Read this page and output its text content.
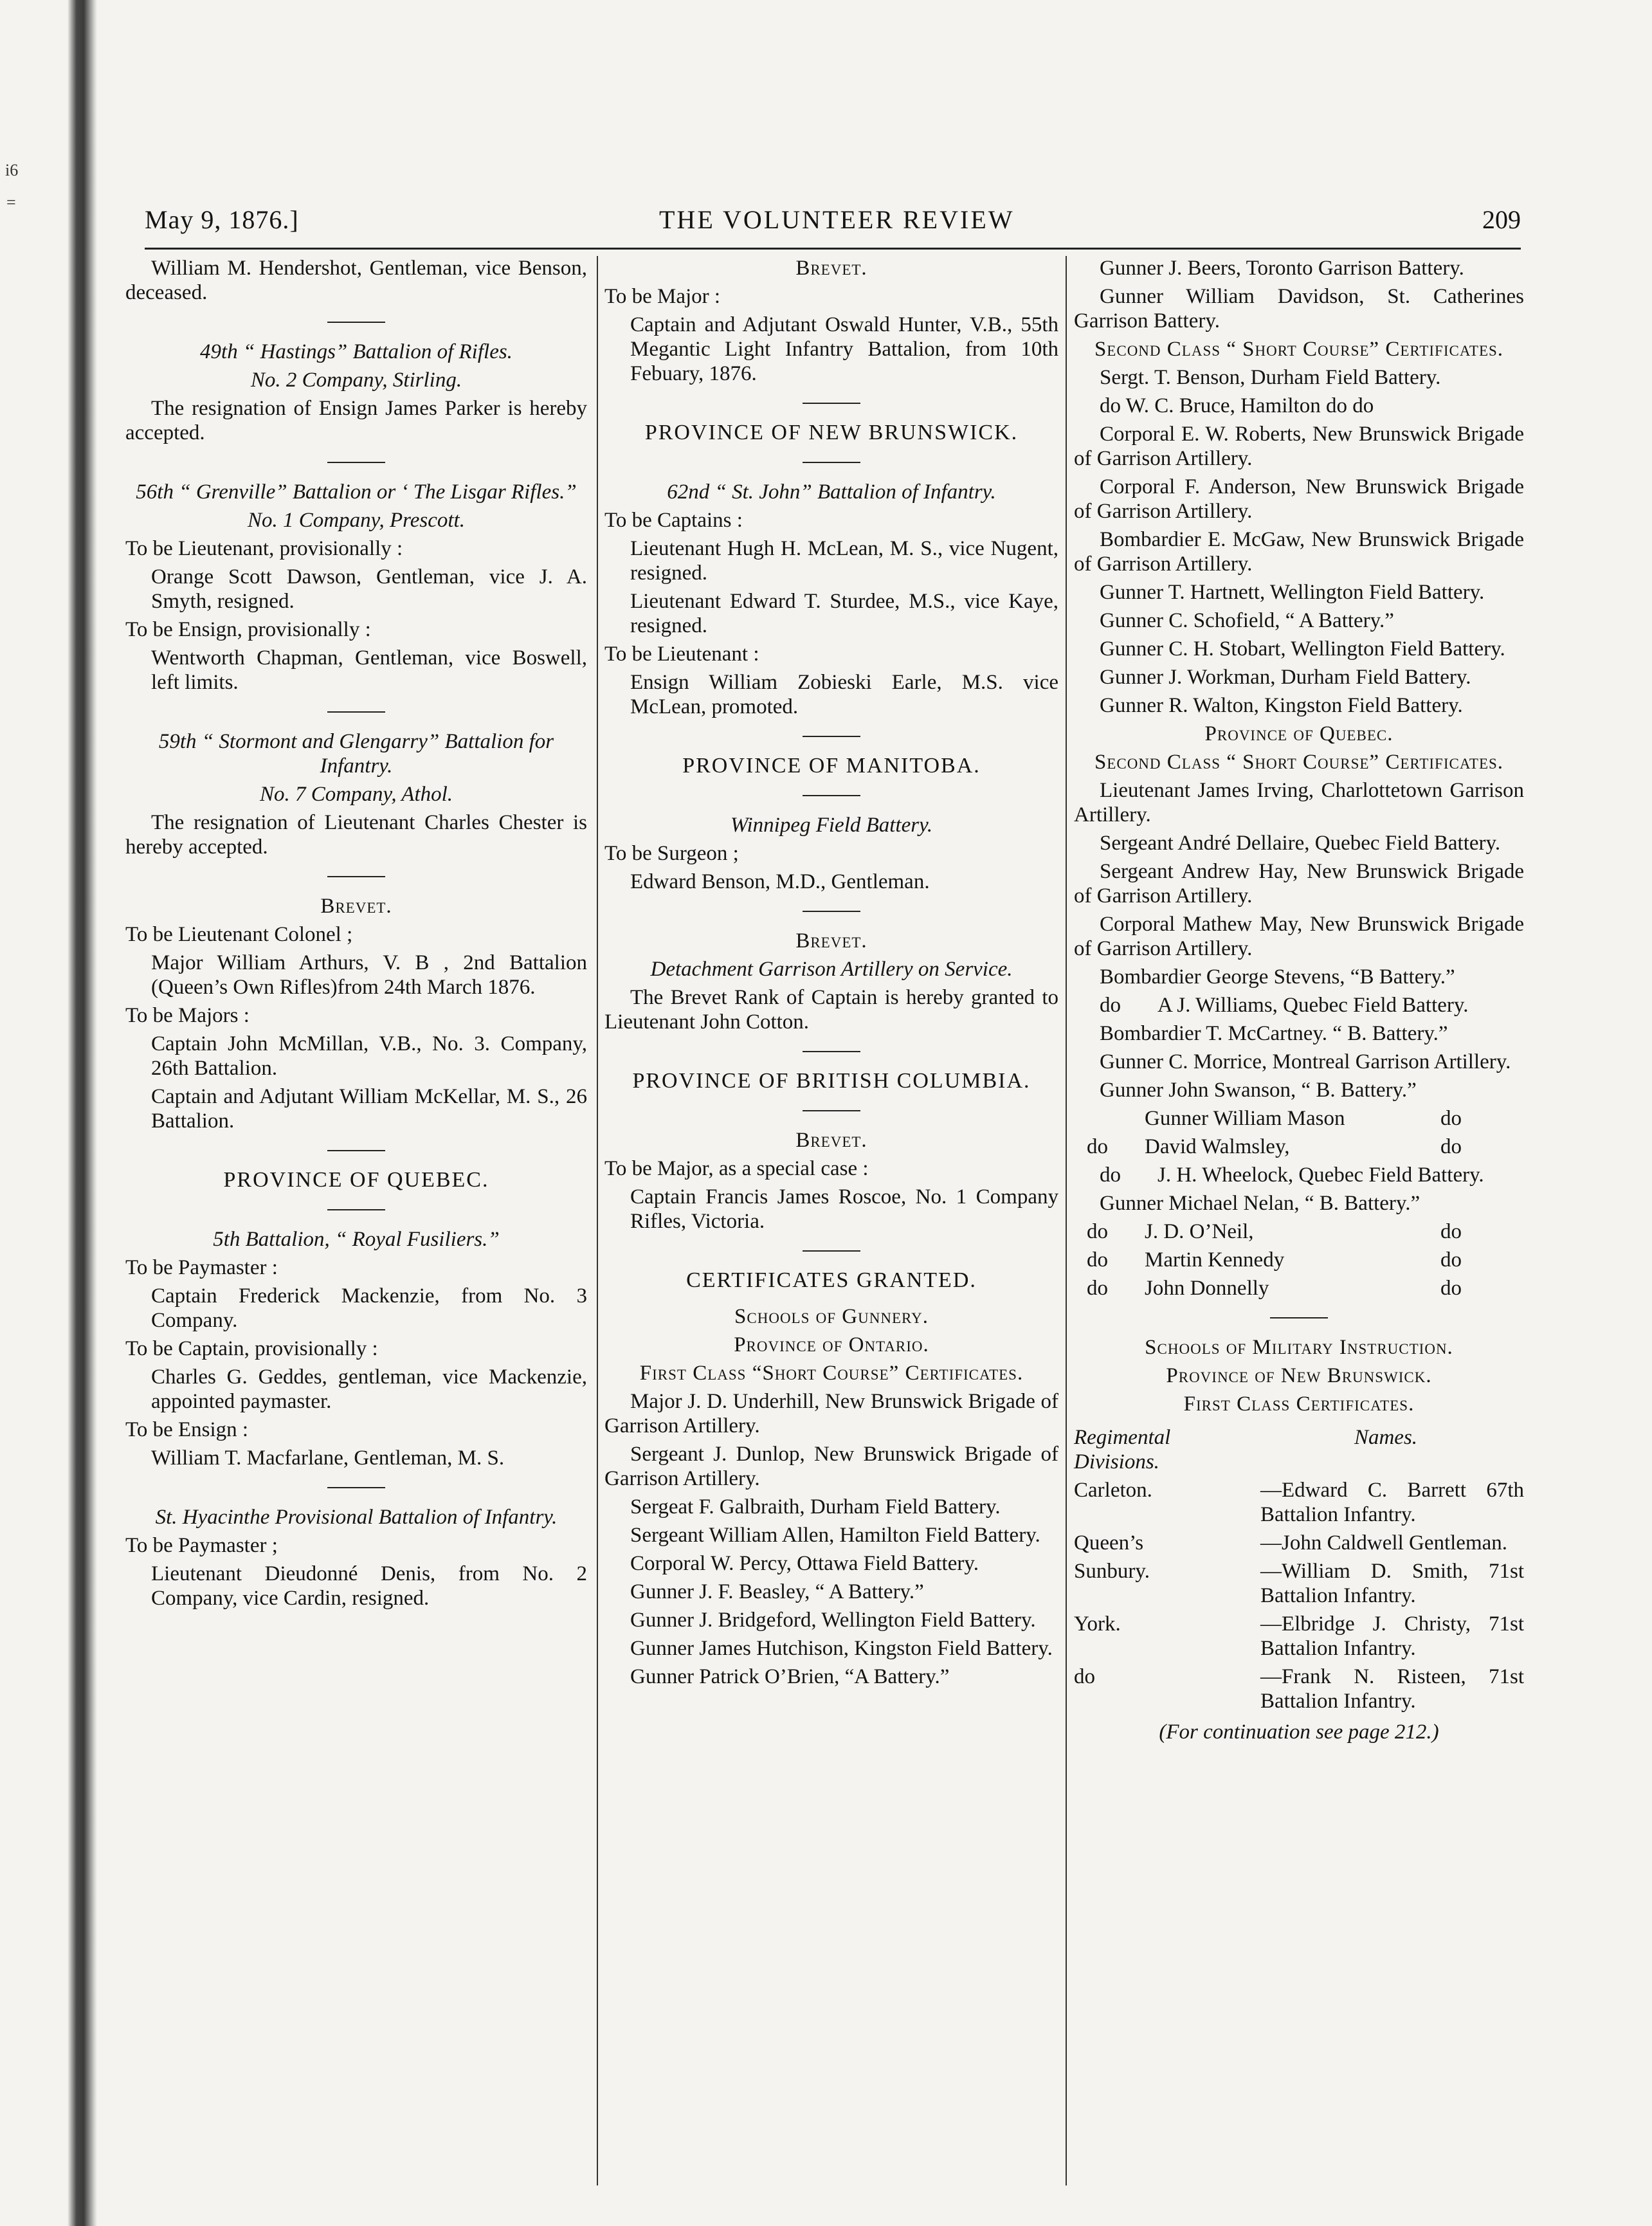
i6
=
May 9, 1876.]	THE VOLUNTEER REVIEW	209

William M. Hendershot, Gentleman, vice Benson, deceased.

49th “ Hastings” Battalion of Rifles.

No. 2 Company, Stirling.

The resignation of Ensign James Parker is hereby accepted.

56th “ Grenville” Battalion or ‘ The Lisgar Rifles.”

No. 1 Company, Prescott.

To be Lieutenant, provisionally :

Orange Scott Dawson, Gentleman, vice J. A. Smyth, resigned.

To be Ensign, provisionally :

Wentworth Chapman, Gentleman, vice Boswell, left limits.

59th “ Stormont and Glengarry” Battalion for Infantry.

No. 7 Company, Athol.

The resignation of Lieutenant Charles Chester is hereby accepted.

Brevet.

To be Lieutenant Colonel ;

Major William Arthurs, V. B , 2nd Battalion (Queen’s Own Rifles)from 24th March 1876.

To be Majors :

Captain John McMillan, V.B., No. 3. Company, 26th Battalion.

Captain and Adjutant William McKellar, M. S., 26 Battalion.

PROVINCE OF QUEBEC.

5th Battalion, “ Royal Fusiliers.”

To be Paymaster :

Captain Frederick Mackenzie, from No. 3 Company.

To be Captain, provisionally :

Charles G. Geddes, gentleman, vice Mackenzie, appointed paymaster.

To be Ensign :

William T. Macfarlane, Gentleman, M. S.

St. Hyacinthe Provisional Battalion of Infantry.

To be Paymaster ;

Lieutenant Dieudonné Denis, from No. 2 Company, vice Cardin, resigned.

Brevet.

To be Major :

Captain and Adjutant Oswald Hunter, V.B., 55th Megantic Light Infantry Battalion, from 10th Febuary, 1876.

PROVINCE OF NEW BRUNSWICK.

62nd “ St. John” Battalion of Infantry.

To be Captains :

Lieutenant Hugh H. McLean, M. S., vice Nugent, resigned.

Lieutenant Edward T. Sturdee, M.S., vice Kaye, resigned.

To be Lieutenant :

Ensign William Zobieski Earle, M.S. vice McLean, promoted.

PROVINCE OF MANITOBA.

Winnipeg Field Battery.

To be Surgeon ;

Edward Benson, M.D., Gentleman.

Brevet.

Detachment Garrison Artillery on Service.

The Brevet Rank of Captain is hereby granted to Lieutenant John Cotton.

PROVINCE OF BRITISH COLUMBIA.

Brevet.

To be Major, as a special case :

Captain Francis James Roscoe, No. 1 Company Rifles, Victoria.

CERTIFICATES GRANTED.

Schools of Gunnery.

Province of Ontario.

First Class “Short Course” Certificates.

Major J. D. Underhill, New Brunswick Brigade of Garrison Artillery.

Sergeant J. Dunlop, New Brunswick Brigade of Garrison Artillery.

Sergeat F. Galbraith, Durham Field Battery.

Sergeant William Allen, Hamilton Field Battery.

Corporal W. Percy, Ottawa Field Battery.

Gunner J. F. Beasley, “ A Battery.”

Gunner J. Bridgeford, Wellington Field Battery.

Gunner James Hutchison, Kingston Field Battery.

Gunner Patrick O’Brien, “A Battery.”

Gunner J. Beers, Toronto Garrison Battery.

Gunner William Davidson, St. Catherines Garrison Battery.

Second Class “ Short Course” Certificates.

Sergt. T. Benson, Durham Field Battery.

do W. C. Bruce, Hamilton do do

Corporal E. W. Roberts, New Brunswick Brigade of Garrison Artillery.

Corporal F. Anderson, New Brunswick Brigade of Garrison Artillery.

Bombardier E. McGaw, New Brunswick Brigade of Garrison Artillery.

Gunner T. Hartnett, Wellington Field Battery.

Gunner C. Schofield, “ A Battery.”

Gunner C. H. Stobart, Wellington Field Battery.

Gunner J. Workman, Durham Field Battery.

Gunner R. Walton, Kingston Field Battery.

Province of Quebec.

Second Class “ Short Course” Certificates.

Lieutenant James Irving, Charlottetown Garrison Artillery.

Sergeant André Dellaire, Quebec Field Battery.

Sergeant Andrew Hay, New Brunswick Brigade of Garrison Artillery.

Corporal Mathew May, New Brunswick Brigade of Garrison Artillery.

Bombardier George Stevens, “B Battery.”

do A J. Williams, Quebec Field Battery.

Bombardier T. McCartney. “ B. Battery.”

Gunner C. Morrice, Montreal Garrison Artillery.

Gunner John Swanson, “ B. Battery.”

Gunner William Mason	do
do	David Walmsley,	do

do J. H. Wheelock, Quebec Field Battery.

Gunner Michael Nelan, “ B. Battery.”

do	J. D. O’Neil,	do
do	Martin Kennedy	do
do	John Donnelly	do

Schools of Military Instruction.

Province of New Brunswick.

First Class Certificates.

Regimental Divisions.
Names.
Carleton.	—Edward C. Barrett 67th Battalion Infantry.
Queen’s	—John Caldwell Gentleman.
Sunbury.	—William D. Smith, 71st Battalion Infantry.
York.	—Elbridge J. Christy, 71st Battalion Infantry.
do	—Frank N. Risteen, 71st Battalion Infantry.

(For continuation see page 212.)
